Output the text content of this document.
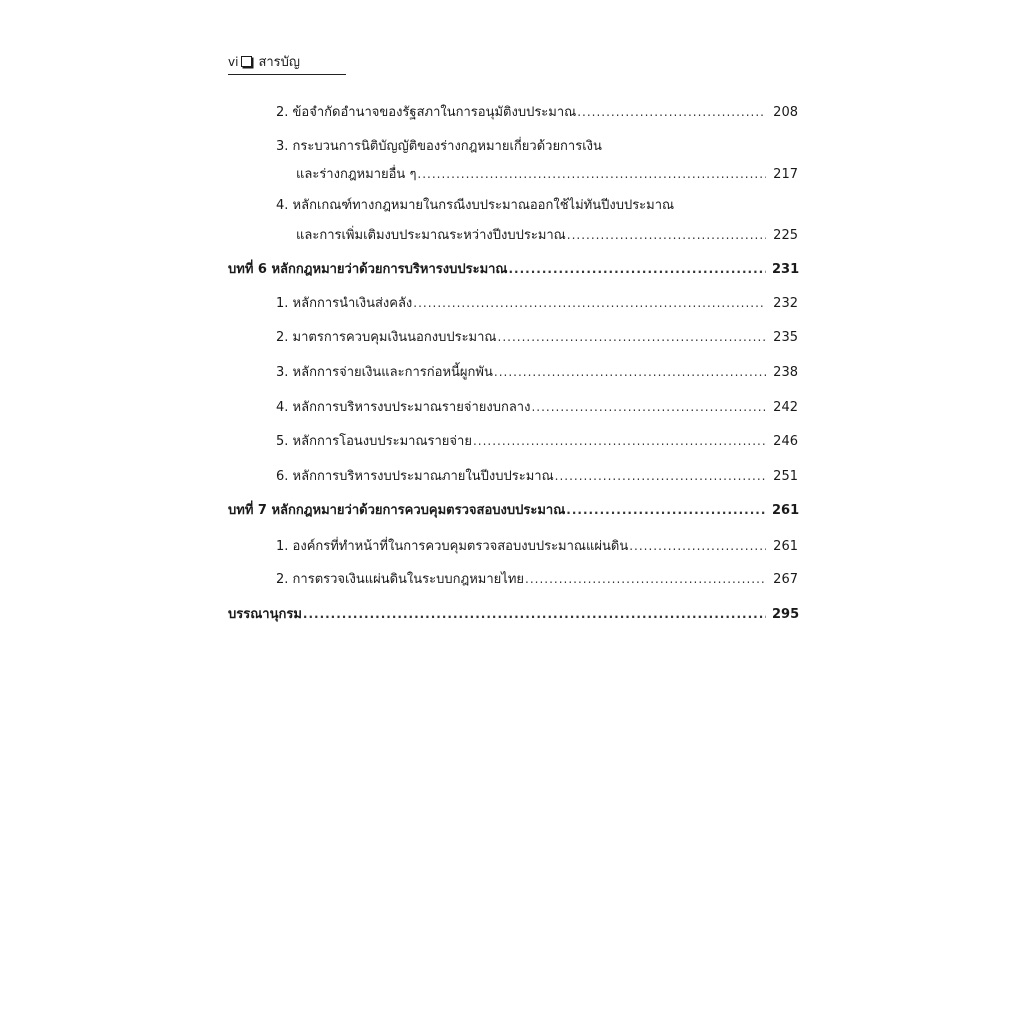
vi สารบัญ
2. ข้อจำกัดอำนาจของรัฐสภาในการอนุมัติงบประมาณ .....	208
3. กระบวนการนิติบัญญัติของร่างกฎหมายเกี่ยวด้วยการเงิน
และร่างกฎหมายอื่น ๆ .....	217
4. หลักเกณฑ์ทางกฎหมายในกรณีงบประมาณออกใช้ไม่ทันปีงบประมาณ
และการเพิ่มเติมงบประมาณระหว่างปีงบประมาณ .....	225
บทที่ 6 หลักกฎหมายว่าด้วยการบริหารงบประมาณ .....	231
1. หลักการนำเงินส่งคลัง .....	232
2. มาตรการควบคุมเงินนอกงบประมาณ .....	235
3. หลักการจ่ายเงินและการก่อหนี้ผูกพัน .....	238
4. หลักการบริหารงบประมาณรายจ่ายงบกลาง .....	242
5. หลักการโอนงบประมาณรายจ่าย .....	246
6. หลักการบริหารงบประมาณภายในปีงบประมาณ .....	251
บทที่ 7 หลักกฎหมายว่าด้วยการควบคุมตรวจสอบงบประมาณ .....	261
1. องค์กรที่ทำหน้าที่ในการควบคุมตรวจสอบงบประมาณแผ่นดิน .....	261
2. การตรวจเงินแผ่นดินในระบบกฎหมายไทย .....	267
บรรณานุกรม .....	295
